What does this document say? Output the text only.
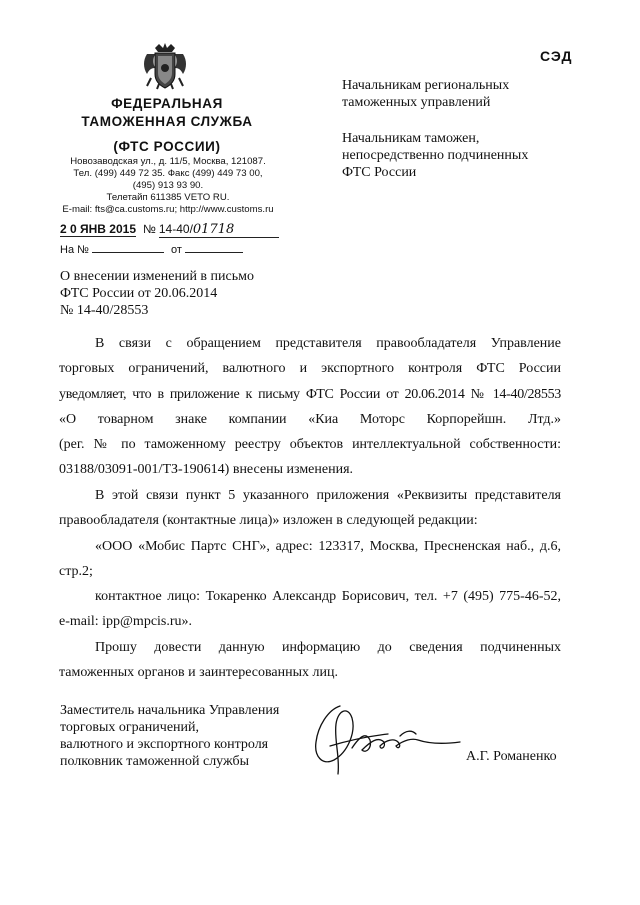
СЭД
ФЕДЕРАЛЬНАЯ
ТАМОЖЕННАЯ СЛУЖБА
(ФТС РОССИИ)
Новозаводская ул., д. 11/5, Москва, 121087.
Тел. (499) 449 72 35. Факс (499) 449 73 00,
(495) 913 93 90.
Телетайп 611385 VETO RU.
E-mail: fts@ca.customs.ru; http://www.customs.ru
2 0 ЯНВ 2015 № 14-40/01718
На №	от
Начальникам региональных
таможенных управлений
Начальникам таможен,
непосредственно подчиненных
ФТС России
О внесении изменений в письмо
ФТС России от 20.06.2014
№ 14-40/28553
В связи с обращением представителя правообладателя Управление
торговых ограничений, валютного и экспортного контроля ФТС России
уведомляет, что в приложение к письму ФТС России от 20.06.2014 № 14-40/28553
«О товарном знаке компании «Киа Моторс Корпорейшн. Лтд.»
(рег. № по таможенному реестру объектов интеллектуальной собственности:
03188/03091-001/ТЗ-190614) внесены изменения.
В этой связи пункт 5 указанного приложения «Реквизиты представителя
правообладателя (контактные лица)» изложен в следующей редакции:
«ООО «Мобис Партс СНГ», адрес: 123317, Москва, Пресненская наб., д.6,
стр.2;
контактное лицо: Токаренко Александр Борисович, тел. +7 (495) 775-46-52,
e-mail: ipp@mpcis.ru».
Прошу довести данную информацию до сведения подчиненных
таможенных органов и заинтересованных лиц.
Заместитель начальника Управления
торговых ограничений,
валютного и экспортного контроля
полковник таможенной службы	А.Г. Романенко
